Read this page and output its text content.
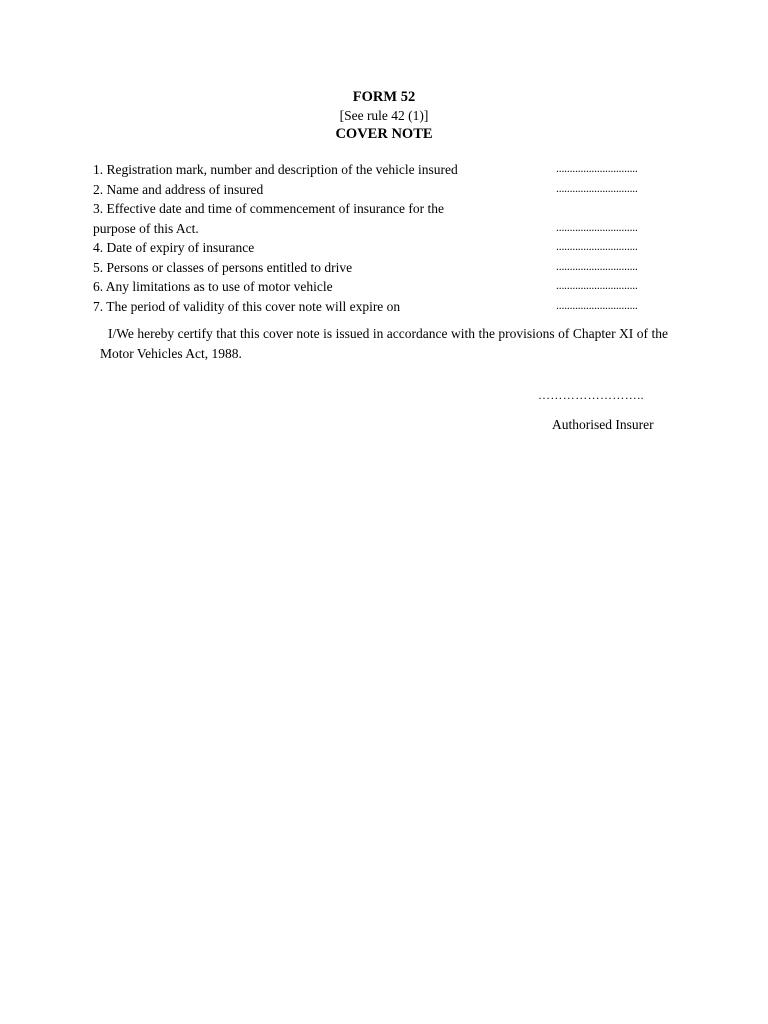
FORM 52
[See rule 42 (1)]
COVER NOTE
1. Registration mark, number and description of the vehicle insured	..............................
2. Name and address of insured	..............................
3. Effective date and time of commencement of insurance for the
purpose of this Act.	..............................
4. Date of expiry of insurance	..............................
5. Persons or classes of persons entitled to drive	..............................
6. Any limitations as to use of motor vehicle	..............................
7. The period of validity of this cover note will expire on	..............................
I/We hereby certify that this cover note is issued in accordance with the provisions of Chapter XI of the Motor Vehicles Act, 1988.
……………………..
Authorised Insurer
